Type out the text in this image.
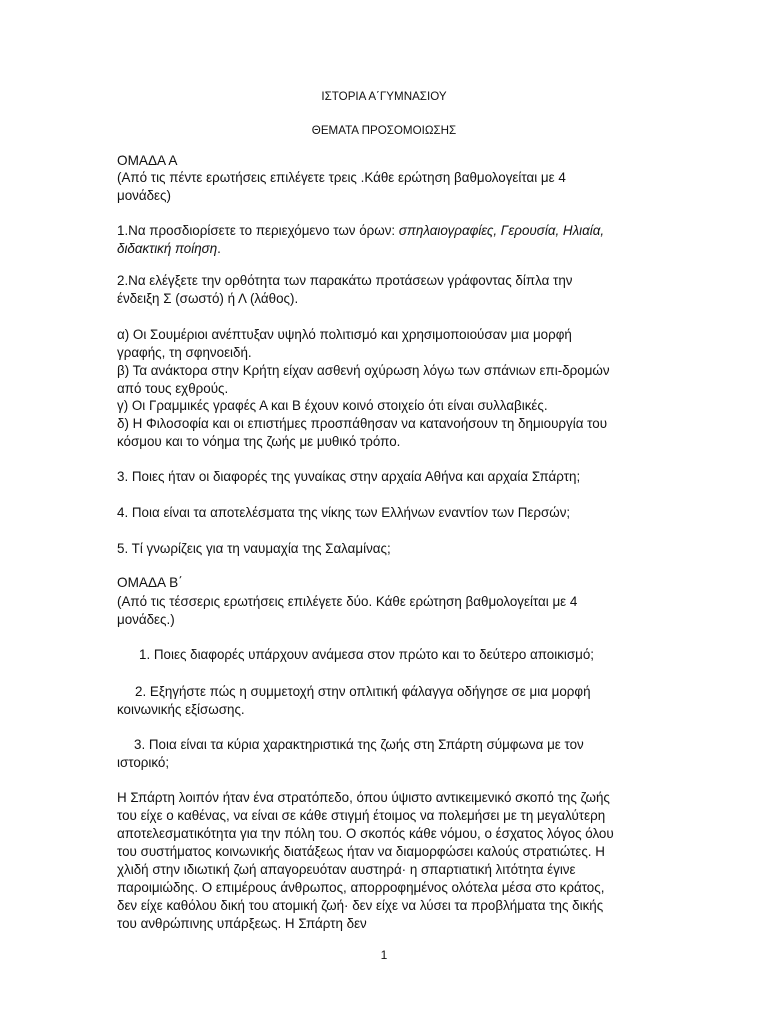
ΙΣΤΟΡΙΑ Α΄ΓΥΜΝΑΣΙΟΥ
ΘΕΜΑΤΑ ΠΡΟΣΟΜΟΙΩΣΗΣ
ΟΜΑΔΑ Α
(Από τις πέντε ερωτήσεις επιλέγετε τρεις .Κάθε ερώτηση βαθμολογείται με 4
μονάδες)
1.Να προσδιορίσετε το περιεχόμενο των όρων: σπηλαιογραφίες, Γερουσία, Ηλιαία,
διδακτική ποίηση.
2.Να ελέγξετε την ορθότητα των παρακάτω προτάσεων γράφοντας δίπλα την
ένδειξη Σ (σωστό) ή Λ (λάθος).
α) Οι Σουμέριοι ανέπτυξαν υψηλό πολιτισμό και χρησιμοποιούσαν μια μορφή
γραφής, τη σφηνοειδή.
β) Τα ανάκτορα στην Κρήτη είχαν ασθενή οχύρωση λόγω των σπάνιων επι-δρομών
από τους εχθρούς.
γ) Οι Γραμμικές γραφές Α και Β έχουν κοινό στοιχείο ότι είναι συλλαβικές.
δ) Η Φιλοσοφία και οι επιστήμες προσπάθησαν να κατανοήσουν τη δημιουργία του
κόσμου και το νόημα της ζωής με μυθικό τρόπο.
3. Ποιες ήταν οι διαφορές της γυναίκας στην αρχαία Αθήνα και αρχαία Σπάρτη;
4. Ποια είναι τα αποτελέσματα της νίκης των Ελλήνων εναντίον των Περσών;
5. Τί γνωρίζεις για τη ναυμαχία της Σαλαμίνας;
ΟΜΑΔΑ Β΄
(Από τις τέσσερις ερωτήσεις επιλέγετε δύο. Κάθε ερώτηση βαθμολογείται με 4
μονάδες.)
1. Ποιες διαφορές υπάρχουν ανάμεσα στον πρώτο και το δεύτερο αποικισμό;
2. Εξηγήστε πώς η συμμετοχή στην οπλιτική φάλαγγα οδήγησε σε μια μορφή
κοινωνικής εξίσωσης.
3. Ποια είναι τα κύρια χαρακτηριστικά της ζωής στη Σπάρτη σύμφωνα με τον
ιστορικό;
Η Σπάρτη λοιπόν ήταν ένα στρατόπεδο, όπου ύψιστο αντικειμενικό σκοπό της ζωής
του είχε ο καθένας, να είναι σε κάθε στιγμή έτοιμος να πολεμήσει με τη μεγαλύτερη
αποτελεσματικότητα για την πόλη του. Ο σκοπός κάθε νόμου, ο έσχατος λόγος όλου
του συστήματος κοινωνικής διατάξεως ήταν να διαμορφώσει καλούς στρατιώτες. Η
χλιδή στην ιδιωτική ζωή απαγορευόταν αυστηρά· η σπαρτιατική λιτότητα έγινε
παροιμιώδης. Ο επιμέρους άνθρωπος, απορροφημένος ολότελα μέσα στο κράτος,
δεν είχε καθόλου δική του ατομική ζωή· δεν είχε να λύσει τα προβλήματα της δικής
του ανθρώπινης υπάρξεως. Η Σπάρτη δεν
1
